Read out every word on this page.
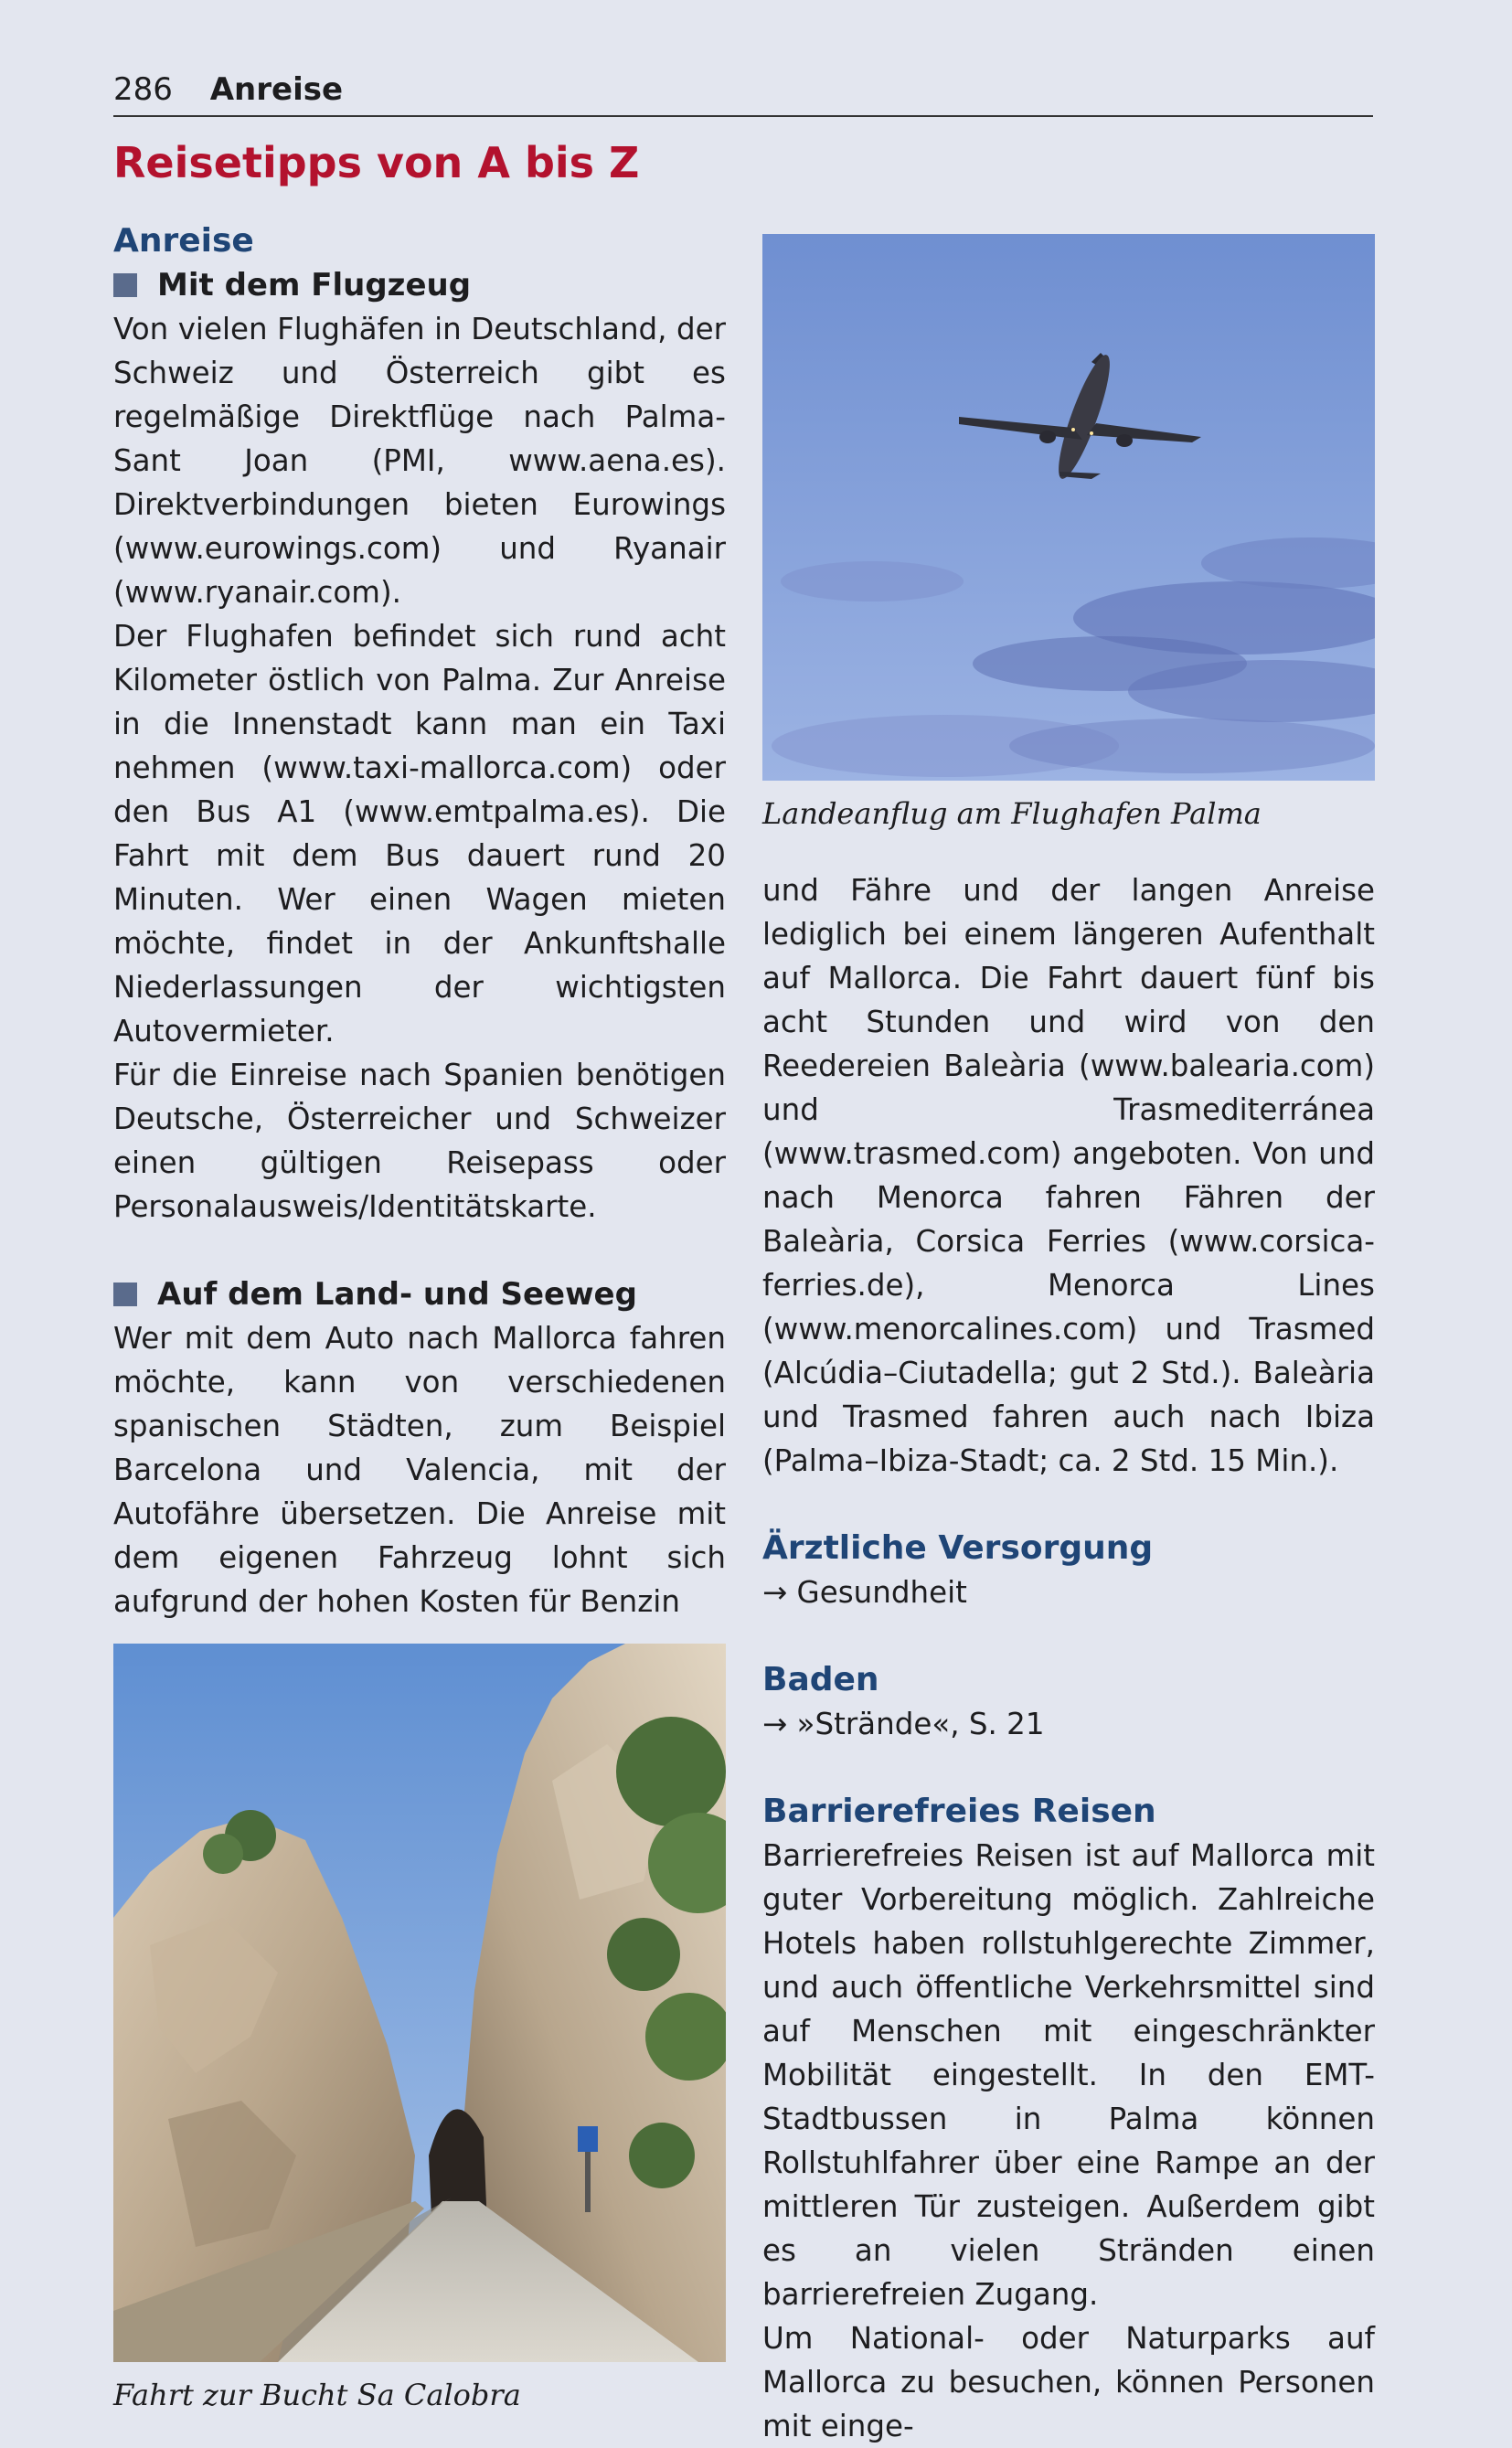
286 Anreise
Reisetipps von A bis Z
Anreise
Mit dem Flugzeug

Von vielen Flughäfen in Deutschland, der Schweiz und Österreich gibt es regelmäßige Direktflüge nach Palma-Sant Joan (PMI, www.aena.es). Direktverbindungen bieten Eurowings (www.eurowings.com) und Ryanair (www.ryanair.com).

Der Flughafen befindet sich rund acht Kilometer östlich von Palma. Zur Anreise in die Innenstadt kann man ein Taxi nehmen (www.taxi-mallorca.com) oder den Bus A1 (www.emtpalma.es). Die Fahrt mit dem Bus dauert rund 20 Minuten. Wer einen Wagen mieten möchte, findet in der Ankunftshalle Niederlassungen der wichtigsten Autovermieter.

Für die Einreise nach Spanien benötigen Deutsche, Österreicher und Schweizer einen gültigen Reisepass oder Personalausweis/Identitätskarte.

Auf dem Land- und Seeweg

Wer mit dem Auto nach Mallorca fahren möchte, kann von verschiedenen spanischen Städten, zum Beispiel Barcelona und Valencia, mit der Autofähre übersetzen. Die Anreise mit dem eigenen Fahrzeug lohnt sich aufgrund der hohen Kosten für Benzin

Fahrt zur Bucht Sa Calobra
Landeanflug am Flughafen Palma

und Fähre und der langen Anreise lediglich bei einem längeren Aufenthalt auf Mallorca. Die Fahrt dauert fünf bis acht Stunden und wird von den Reedereien Baleària (www.balearia.com) und Trasmediterránea (www.trasmed.com) angeboten. Von und nach Menorca fahren Fähren der Baleària, Corsica Ferries (www.corsica-ferries.de), Menorca Lines (www.menorcalines.com) und Trasmed (Alcúdia–Ciutadella; gut 2 Std.). Baleària und Trasmed fahren auch nach Ibiza (Palma–Ibiza-Stadt; ca. 2 Std. 15 Min.).

Ärztliche Versorgung
→ Gesundheit
Baden
→ »Strände«, S. 21
Barrierefreies Reisen

Barrierefreies Reisen ist auf Mallorca mit guter Vorbereitung möglich. Zahlreiche Hotels haben rollstuhlgerechte Zimmer, und auch öffentliche Verkehrsmittel sind auf Menschen mit eingeschränkter Mobilität eingestellt. In den EMT-Stadtbussen in Palma können Rollstuhlfahrer über eine Rampe an der mittleren Tür zusteigen. Außerdem gibt es an vielen Stränden einen barrierefreien Zugang.

Um National- oder Naturparks auf Mallorca zu besuchen, können Personen mit einge-
